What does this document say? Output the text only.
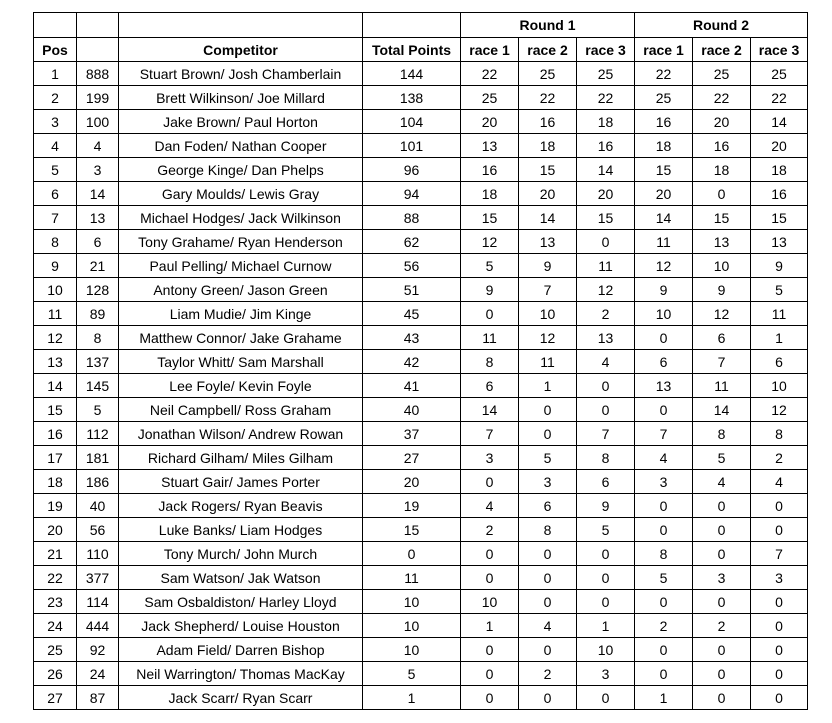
				Round 1			Round 2		
Pos		Competitor	Total Points	race 1	race 2	race 3	race 1	race 2	race 3
1	888	Stuart Brown/ Josh Chamberlain	144	22	25	25	22	25	25
2	199	Brett Wilkinson/ Joe Millard	138	25	22	22	25	22	22
3	100	Jake Brown/ Paul Horton	104	20	16	18	16	20	14
4	4	Dan Foden/ Nathan Cooper	101	13	18	16	18	16	20
5	3	George Kinge/ Dan Phelps	96	16	15	14	15	18	18
6	14	Gary Moulds/ Lewis Gray	94	18	20	20	20	0	16
7	13	Michael Hodges/ Jack Wilkinson	88	15	14	15	14	15	15
8	6	Tony Grahame/ Ryan Henderson	62	12	13	0	11	13	13
9	21	Paul Pelling/ Michael Curnow	56	5	9	11	12	10	9
10	128	Antony Green/ Jason Green	51	9	7	12	9	9	5
11	89	Liam Mudie/ Jim Kinge	45	0	10	2	10	12	11
12	8	Matthew Connor/ Jake Grahame	43	11	12	13	0	6	1
13	137	Taylor Whitt/ Sam Marshall	42	8	11	4	6	7	6
14	145	Lee Foyle/ Kevin Foyle	41	6	1	0	13	11	10
15	5	Neil Campbell/ Ross Graham	40	14	0	0	0	14	12
16	112	Jonathan Wilson/ Andrew Rowan	37	7	0	7	7	8	8
17	181	Richard Gilham/ Miles Gilham	27	3	5	8	4	5	2
18	186	Stuart Gair/ James Porter	20	0	3	6	3	4	4
19	40	Jack Rogers/ Ryan Beavis	19	4	6	9	0	0	0
20	56	Luke Banks/ Liam Hodges	15	2	8	5	0	0	0
21	110	Tony Murch/ John Murch	0	0	0	0	8	0	7
22	377	Sam Watson/ Jak Watson	11	0	0	0	5	3	3
23	114	Sam Osbaldiston/ Harley Lloyd	10	10	0	0	0	0	0
24	444	Jack Shepherd/ Louise Houston	10	1	4	1	2	2	0
25	92	Adam Field/ Darren Bishop	10	0	0	10	0	0	0
26	24	Neil Warrington/ Thomas MacKay	5	0	2	3	0	0	0
27	87	Jack Scarr/ Ryan Scarr	1	0	0	0	1	0	0
